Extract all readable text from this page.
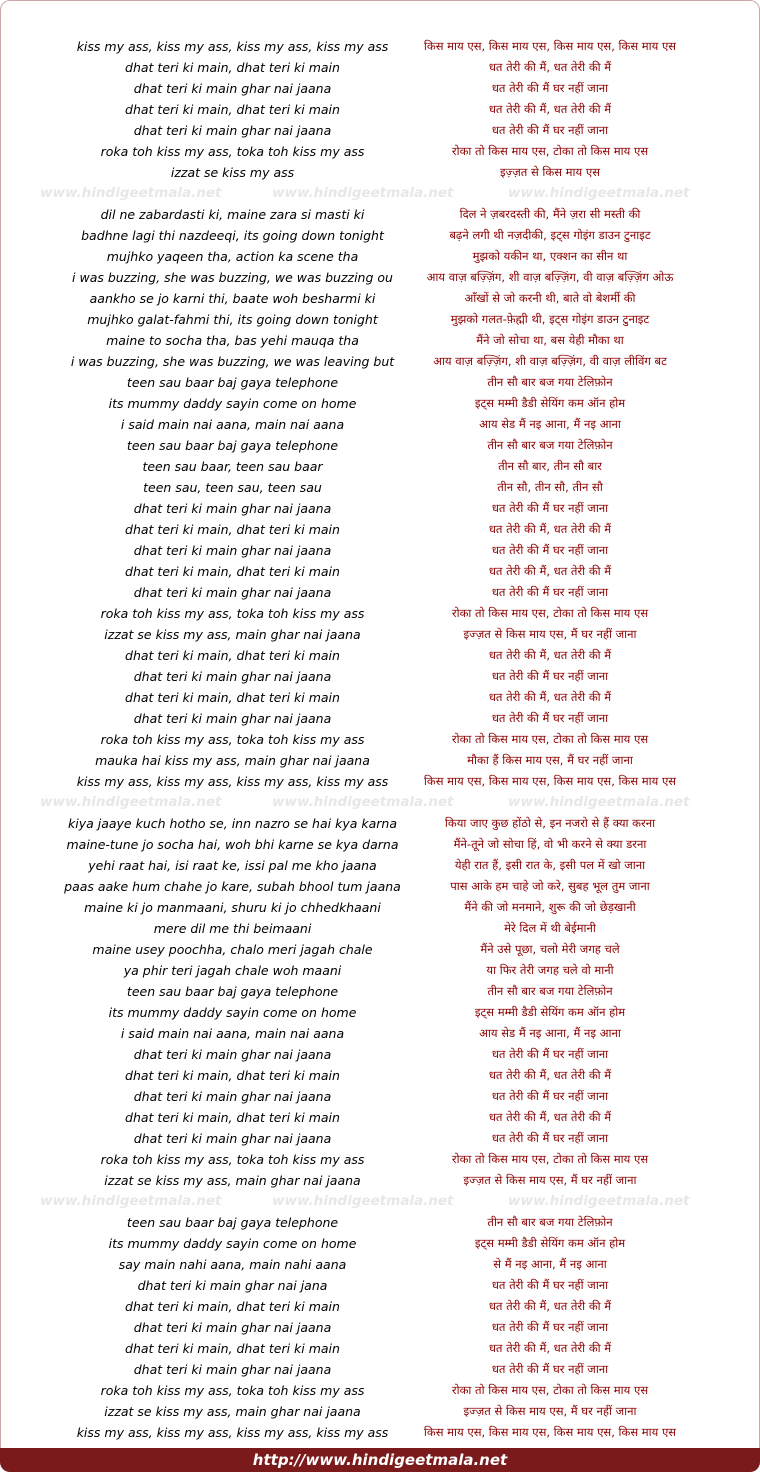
kiss my ass, kiss my ass, kiss my ass, kiss my ass	किस माय एस, किस माय एस, किस माय एस, किस माय एस
dhat teri ki main, dhat teri ki main	धत तेरी की मैं, धत तेरी की मैं
dhat teri ki main ghar nai jaana	धत तेरी की मैं घर नहीं जाना
dhat teri ki main, dhat teri ki main	धत तेरी की मैं, धत तेरी की मैं
dhat teri ki main ghar nai jaana	धत तेरी की मैं घर नहीं जाना
roka toh kiss my ass, toka toh kiss my ass	रोका तो किस माय एस, टोका तो किस माय एस
izzat se kiss my ass	इज़्ज़त से किस माय एस
www.hindigeetmala.net	www.hindigeetmala.net	www.hindigeetmala.net
dil ne zabardasti ki, maine zara si masti ki	दिल ने ज़बरदस्ती की, मैंने ज़रा सी मस्ती की
badhne lagi thi nazdeeqi, its going down tonight	बढ़ने लगी थी नज़दीकी, इट्स गोइंग डाउन टुनाइट
mujhko yaqeen tha, action ka scene tha	मुझको यकीन था, एक्शन का सीन था
i was buzzing, she was buzzing, we was buzzing ou	आय वाज़ बज़्ज़िंग, शी वाज़ बज़्ज़िंग, वी वाज़ बज़्ज़िंग ओऊ
aankho se jo karni thi, baate woh besharmi ki	आँखों से जो करनी थी, बाते वो बेशर्मी की
mujhko galat-fahmi thi, its going down tonight	मुझको गलत-फ़ेह्मी थी, इट्स गोइंग डाउन टुनाइट
maine to socha tha, bas yehi mauqa tha	मैंने जो सोचा था, बस येही मौका था
i was buzzing, she was buzzing, we was leaving but	आय वाज़ बज़्ज़िंग, शी वाज़ बज़्ज़िंग, वी वाज़ लीविंग बट
teen sau baar baj gaya telephone	तीन सौ बार बज गया टेलिफ़ोन
its mummy daddy sayin come on home	इट्स मम्मी डैडी सेयिंग कम ऑन होम
i said main nai aana, main nai aana	आय सेड मैं नइ आना, मैं नइ आना
teen sau baar baj gaya telephone	तीन सौ बार बज गया टेलिफ़ोन
teen sau baar, teen sau baar	तीन सौ बार, तीन सौ बार
teen sau, teen sau, teen sau	तीन सौ, तीन सौ, तीन सौ
dhat teri ki main ghar nai jaana	धत तेरी की मैं घर नहीं जाना
dhat teri ki main, dhat teri ki main	धत तेरी की मैं, धत तेरी की मैं
dhat teri ki main ghar nai jaana	धत तेरी की मैं घर नहीं जाना
dhat teri ki main, dhat teri ki main	धत तेरी की मैं, धत तेरी की मैं
dhat teri ki main ghar nai jaana	धत तेरी की मैं घर नहीं जाना
roka toh kiss my ass, toka toh kiss my ass	रोका तो किस माय एस, टोका तो किस माय एस
izzat se kiss my ass, main ghar nai jaana	इज्ज़त से किस माय एस, मैं घर नहीं जाना
dhat teri ki main, dhat teri ki main	धत तेरी की मैं, धत तेरी की मैं
dhat teri ki main ghar nai jaana	धत तेरी की मैं घर नहीं जाना
dhat teri ki main, dhat teri ki main	धत तेरी की मैं, धत तेरी की मैं
dhat teri ki main ghar nai jaana	धत तेरी की मैं घर नहीं जाना
roka toh kiss my ass, toka toh kiss my ass	रोका तो किस माय एस, टोका तो किस माय एस
mauka hai kiss my ass, main ghar nai jaana	मौका हैं किस माय एस, मैं घर नहीं जाना
kiss my ass, kiss my ass, kiss my ass, kiss my ass	किस माय एस, किस माय एस, किस माय एस, किस माय एस
www.hindigeetmala.net	www.hindigeetmala.net	www.hindigeetmala.net
kiya jaaye kuch hotho se, inn nazro se hai kya karna	किया जाए कुछ होंठो से, इन नजरो से हैं क्या करना
maine-tune jo socha hai, woh bhi karne se kya darna	मैंने-तूने जो सोचा हिं, वो भी करने से क्या डरना
yehi raat hai, isi raat ke, issi pal me kho jaana	येही रात हैं, इसी रात के, इसी पल में खो जाना
paas aake hum chahe jo kare, subah bhool tum jaana	पास आके हम चाहे जो करे, सुबह भूल तुम जाना
maine ki jo manmaani, shuru ki jo chhedkhaani	मैंने की जो मनमाने, शुरू की जो छेड़खानी
mere dil me thi beimaani	मेरे दिल में थी बेईमानी
maine usey poochha, chalo meri jagah chale	मैंने उसे पूछा, चलो मेरी जगह चले
ya phir teri jagah chale woh maani	या फिर तेरी जगह चले वो मानी
teen sau baar baj gaya telephone	तीन सौ बार बज गया टेलिफ़ोन
its mummy daddy sayin come on home	इट्स मम्मी डैडी सेयिंग कम ऑन होम
i said main nai aana, main nai aana	आय सेड मैं नइ आना, मैं नइ आना
dhat teri ki main ghar nai jaana	धत तेरी की मैं घर नहीं जाना
dhat teri ki main, dhat teri ki main	धत तेरी की मैं, धत तेरी की मैं
dhat teri ki main ghar nai jaana	धत तेरी की मैं घर नहीं जाना
dhat teri ki main, dhat teri ki main	धत तेरी की मैं, धत तेरी की मैं
dhat teri ki main ghar nai jaana	धत तेरी की मैं घर नहीं जाना
roka toh kiss my ass, toka toh kiss my ass	रोका तो किस माय एस, टोका तो किस माय एस
izzat se kiss my ass, main ghar nai jaana	इज्ज़त से किस माय एस, मैं घर नहीं जाना
www.hindigeetmala.net	www.hindigeetmala.net	www.hindigeetmala.net
teen sau baar baj gaya telephone	तीन सौ बार बज गया टेलिफ़ोन
its mummy daddy sayin come on home	इट्स मम्मी डैडी सेयिंग कम ऑन होम
say main nahi aana, main nahi aana	से मैं नइ आना, मैं नइ आना
dhat teri ki main ghar nai jana	धत तेरी की मैं घर नहीं जाना
dhat teri ki main, dhat teri ki main	धत तेरी की मैं, धत तेरी की मैं
dhat teri ki main ghar nai jaana	धत तेरी की मैं घर नहीं जाना
dhat teri ki main, dhat teri ki main	धत तेरी की मैं, धत तेरी की मैं
dhat teri ki main ghar nai jaana	धत तेरी की मैं घर नहीं जाना
roka toh kiss my ass, toka toh kiss my ass	रोका तो किस माय एस, टोका तो किस माय एस
izzat se kiss my ass, main ghar nai jaana	इज्ज़त से किस माय एस, मैं घर नहीं जाना
kiss my ass, kiss my ass, kiss my ass, kiss my ass	किस माय एस, किस माय एस, किस माय एस, किस माय एस
http://www.hindigeetmala.net
